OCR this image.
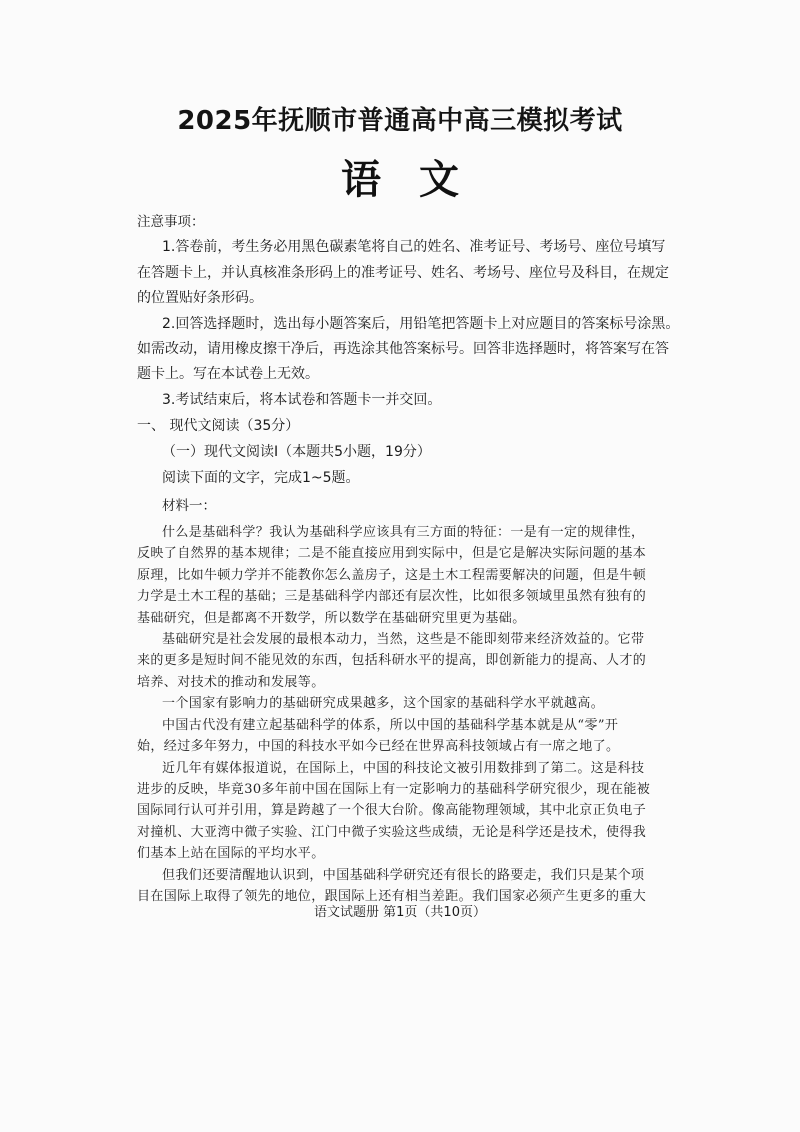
2025年抚顺市普通高中高三模拟考试
语文
注意事项：
1.答卷前，考生务必用黑色碳素笔将自己的姓名、准考证号、考场号、座位号填写
在答题卡上，并认真核准条形码上的准考证号、姓名、考场号、座位号及科目，在规定
的位置贴好条形码。
2.回答选择题时，选出每小题答案后，用铅笔把答题卡上对应题目的答案标号涂黑。
如需改动，请用橡皮擦干净后，再选涂其他答案标号。回答非选择题时，将答案写在答
题卡上。写在本试卷上无效。
3.考试结束后，将本试卷和答题卡一并交回。
一、 现代文阅读（35分）
（一）现代文阅读Ⅰ（本题共5小题，19分）
阅读下面的文字，完成1~5题。
材料一：
什么是基础科学？我认为基础科学应该具有三方面的特征：一是有一定的规律性，
反映了自然界的基本规律；二是不能直接应用到实际中，但是它是解决实际问题的基本
原理，比如牛顿力学并不能教你怎么盖房子，这是土木工程需要解决的问题，但是牛顿
力学是土木工程的基础；三是基础科学内部还有层次性，比如很多领域里虽然有独有的
基础研究，但是都离不开数学，所以数学在基础研究里更为基础。
基础研究是社会发展的最根本动力，当然，这些是不能即刻带来经济效益的。它带
来的更多是短时间不能见效的东西，包括科研水平的提高，即创新能力的提高、人才的
培养、对技术的推动和发展等。
一个国家有影响力的基础研究成果越多，这个国家的基础科学水平就越高。
中国古代没有建立起基础科学的体系，所以中国的基础科学基本就是从“零”开
始，经过多年努力，中国的科技水平如今已经在世界高科技领域占有一席之地了。
近几年有媒体报道说，在国际上，中国的科技论文被引用数排到了第二。这是科技
进步的反映，毕竟30多年前中国在国际上有一定影响力的基础科学研究很少，现在能被
国际同行认可并引用，算是跨越了一个很大台阶。像高能物理领域，其中北京正负电子
对撞机、大亚湾中微子实验、江门中微子实验这些成绩，无论是科学还是技术，使得我
们基本上站在国际的平均水平。
但我们还要清醒地认识到，中国基础科学研究还有很长的路要走，我们只是某个项
目在国际上取得了领先的地位，跟国际上还有相当差距。我们国家必须产生更多的重大
语文试题册 第1页（共10页）
